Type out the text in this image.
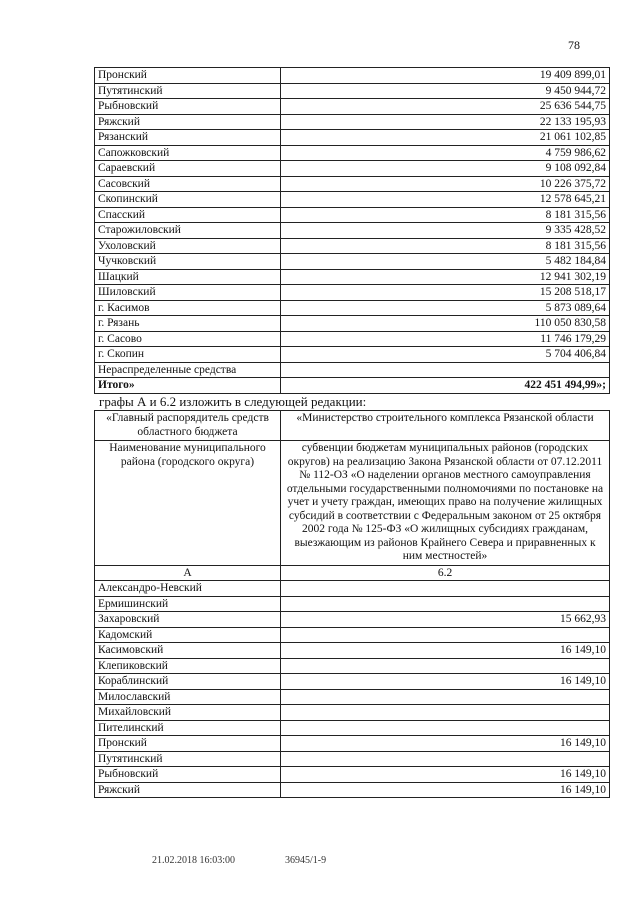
78
Пронский	19 409 899,01
Путятинский	9 450 944,72
Рыбновский	25 636 544,75
Ряжский	22 133 195,93
Рязанский	21 061 102,85
Сапожковский	4 759 986,62
Сараевский	9 108 092,84
Сасовский	10 226 375,72
Скопинский	12 578 645,21
Спасский	8 181 315,56
Старожиловский	9 335 428,52
Ухоловский	8 181 315,56
Чучковский	5 482 184,84
Шацкий	12 941 302,19
Шиловский	15 208 518,17
г. Касимов	5 873 089,64
г. Рязань	110 050 830,58
г. Сасово	11 746 179,29
г. Скопин	5 704 406,84
Нераспределенные средства	
Итого»	422 451 494,99»;
графы А и 6.2 изложить в следующей редакции:
«Главный распорядитель средств областного бюджета	«Министерство строительного комплекса Рязанской области
Наименование муниципального района (городского округа)	субвенции бюджетам муниципальных районов (городских округов) на реализацию Закона Рязанской области от 07.12.2011 № 112-ОЗ «О наделении органов местного самоуправления отдельными государственными полномочиями по постановке на учет и учету граждан, имеющих право на получение жилищных субсидий в соответствии с Федеральным законом от 25 октября 2002 года № 125-ФЗ «О жилищных субсидиях гражданам, выезжающим из районов Крайнего Севера и приравненных к ним местностей»
А	6.2
Александро-Невский	
Ермишинский	
Захаровский	15 662,93
Кадомский	
Касимовский	16 149,10
Клепиковский	
Кораблинский	16 149,10
Милославский	
Михайловский	
Пителинский	
Пронский	16 149,10
Путятинский	
Рыбновский	16 149,10
Ряжский	16 149,10
21.02.2018 16:03:00	36945/1-9
